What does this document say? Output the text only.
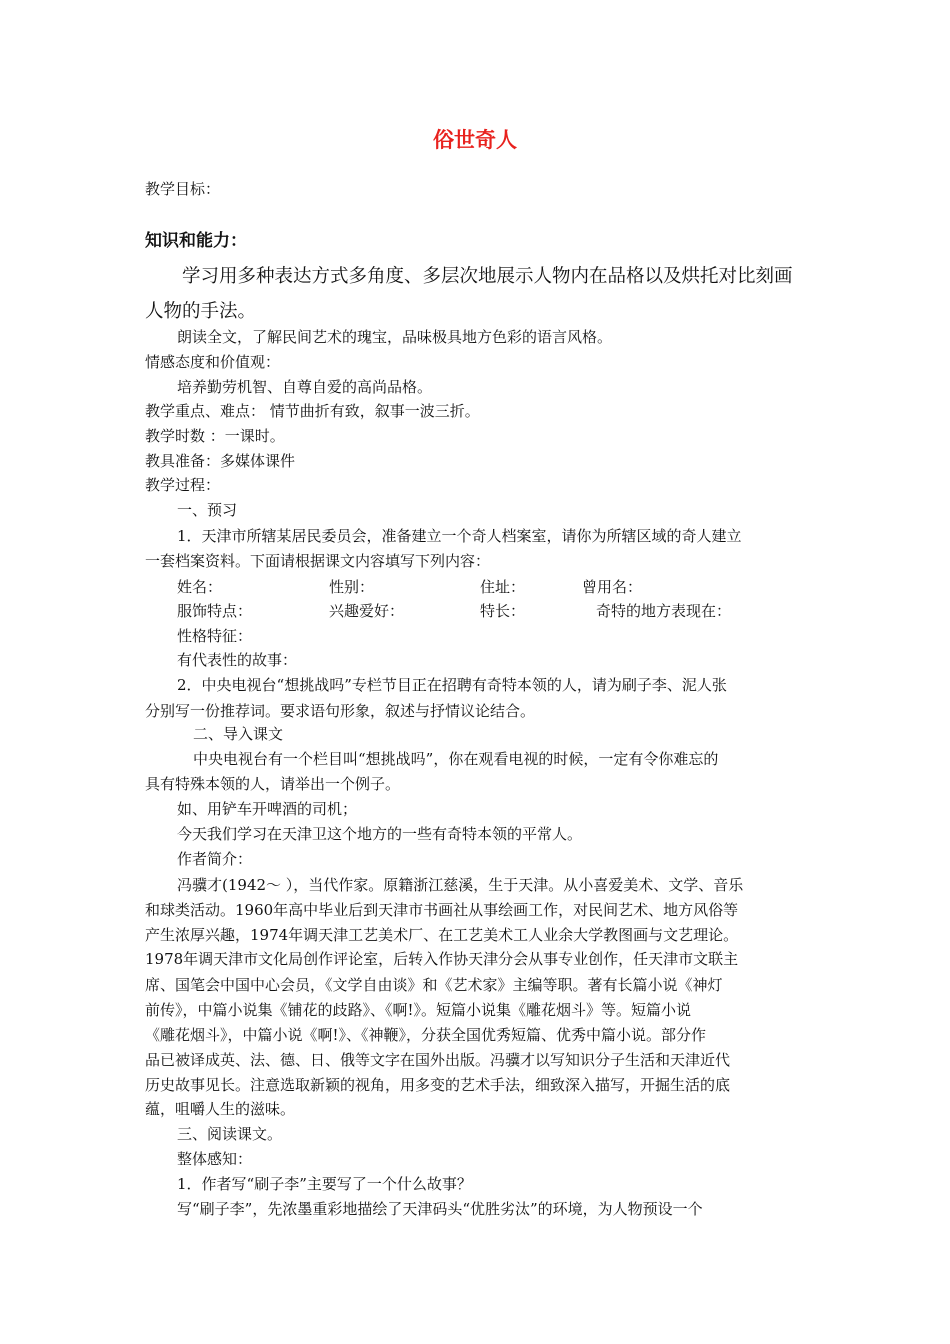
俗世奇人
教学目标：
知识和能力：
学习用多种表达方式多角度、多层次地展示人物内在品格以及烘托对比刻画
人物的手法。
朗读全文，了解民间艺术的瑰宝，品味极具地方色彩的语言风格。
情感态度和价值观：
培养勤劳机智、自尊自爱的高尚品格。
教学重点、难点： 情节曲折有致，叙事一波三折。
教学时数 ：一课时。
教具准备：多媒体课件
教学过程：
一、预习
1．天津市所辖某居民委员会，准备建立一个奇人档案室，请你为所辖区域的奇人建立
一套档案资料。下面请根据课文内容填写下列内容：
姓名：	性别：	住址：	曾用名：
服饰特点：	兴趣爱好：	特长：	奇特的地方表现在：
性格特征：
有代表性的故事：
2．中央电视台“想挑战吗”专栏节目正在招聘有奇特本领的人，请为刷子李、泥人张
分别写一份推荐词。要求语句形象，叙述与抒情议论结合。
二、导入课文
中央电视台有一个栏目叫“想挑战吗”，你在观看电视的时候，一定有令你难忘的
具有特殊本领的人，请举出一个例子。
如、用铲车开啤酒的司机；
今天我们学习在天津卫这个地方的一些有奇特本领的平常人。
作者简介：
冯骥才(1942～ ），当代作家。原籍浙江慈溪，生于天津。从小喜爱美术、文学、音乐
和球类活动。1960年高中毕业后到天津市书画社从事绘画工作，对民间艺术、地方风俗等
产生浓厚兴趣，1974年调天津工艺美术厂、在工艺美术工人业余大学教图画与文艺理论。
1978年调天津市文化局创作评论室，后转入作协天津分会从事专业创作，任天津市文联主
席、国笔会中国中心会员，《文学自由谈》和《艺术家》主编等职。著有长篇小说《神灯
前传》，中篇小说集《铺花的歧路》、《啊!》。短篇小说集《雕花烟斗》等。短篇小说
《雕花烟斗》，中篇小说《啊!》、《神鞭》，分获全国优秀短篇、优秀中篇小说。部分作
品已被译成英、法、德、日、俄等文字在国外出版。冯骥才以写知识分子生活和天津近代
历史故事见长。注意选取新颖的视角，用多变的艺术手法，细致深入描写，开掘生活的底
蕴，咀嚼人生的滋味。
三、阅读课文。
整体感知：
1．作者写“刷子李”主要写了一个什么故事？
写“刷子李”，先浓墨重彩地描绘了天津码头“优胜劣汰”的环境，为人物预设一个
